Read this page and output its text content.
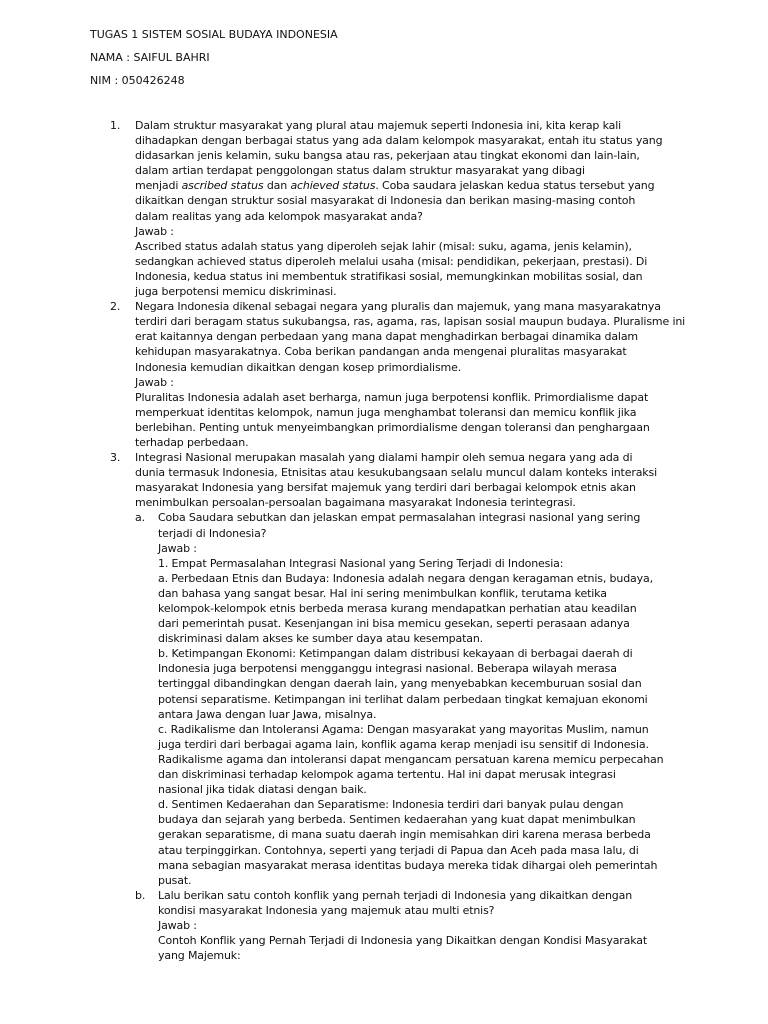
TUGAS 1 SISTEM SOSIAL BUDAYA INDONESIA
NAMA : SAIFUL BAHRI
NIM : 050426248
1. Dalam struktur masyarakat yang plural atau majemuk seperti Indonesia ini, kita kerap kali
dihadapkan dengan berbagai status yang ada dalam kelompok masyarakat, entah itu status yang
didasarkan jenis kelamin, suku bangsa atau ras, pekerjaan atau tingkat ekonomi dan lain-lain,
dalam artian terdapat penggolongan status dalam struktur masyarakat yang dibagi
menjadi ascribed status dan achieved status. Coba saudara jelaskan kedua status tersebut yang
dikaitkan dengan struktur sosial masyarakat di Indonesia dan berikan masing-masing contoh
dalam realitas yang ada kelompok masyarakat anda?
Jawab :
Ascribed status adalah status yang diperoleh sejak lahir (misal: suku, agama, jenis kelamin),
sedangkan achieved status diperoleh melalui usaha (misal: pendidikan, pekerjaan, prestasi). Di
Indonesia, kedua status ini membentuk stratifikasi sosial, memungkinkan mobilitas sosial, dan
juga berpotensi memicu diskriminasi.
2. Negara Indonesia dikenal sebagai negara yang pluralis dan majemuk, yang mana masyarakatnya
terdiri dari beragam status sukubangsa, ras, agama, ras, lapisan sosial maupun budaya. Pluralisme ini
erat kaitannya dengan perbedaan yang mana dapat menghadirkan berbagai dinamika dalam
kehidupan masyarakatnya. Coba berikan pandangan anda mengenai pluralitas masyarakat
Indonesia kemudian dikaitkan dengan kosep primordialisme.
Jawab :
Pluralitas Indonesia adalah aset berharga, namun juga berpotensi konflik. Primordialisme dapat
memperkuat identitas kelompok, namun juga menghambat toleransi dan memicu konflik jika
berlebihan. Penting untuk menyeimbangkan primordialisme dengan toleransi dan penghargaan
terhadap perbedaan.
3. Integrasi Nasional merupakan masalah yang dialami hampir oleh semua negara yang ada di
dunia termasuk Indonesia, Etnisitas atau kesukubangsaan selalu muncul dalam konteks interaksi
masyarakat Indonesia yang bersifat majemuk yang terdiri dari berbagai kelompok etnis akan
menimbulkan persoalan-persoalan bagaimana masyarakat Indonesia terintegrasi.
a. Coba Saudara sebutkan dan jelaskan empat permasalahan integrasi nasional yang sering
terjadi di Indonesia?
Jawab :
1. Empat Permasalahan Integrasi Nasional yang Sering Terjadi di Indonesia:
a. Perbedaan Etnis dan Budaya: Indonesia adalah negara dengan keragaman etnis, budaya,
dan bahasa yang sangat besar. Hal ini sering menimbulkan konflik, terutama ketika
kelompok-kelompok etnis berbeda merasa kurang mendapatkan perhatian atau keadilan
dari pemerintah pusat. Kesenjangan ini bisa memicu gesekan, seperti perasaan adanya
diskriminasi dalam akses ke sumber daya atau kesempatan.
b. Ketimpangan Ekonomi: Ketimpangan dalam distribusi kekayaan di berbagai daerah di
Indonesia juga berpotensi mengganggu integrasi nasional. Beberapa wilayah merasa
tertinggal dibandingkan dengan daerah lain, yang menyebabkan kecemburuan sosial dan
potensi separatisme. Ketimpangan ini terlihat dalam perbedaan tingkat kemajuan ekonomi
antara Jawa dengan luar Jawa, misalnya.
c. Radikalisme dan Intoleransi Agama: Dengan masyarakat yang mayoritas Muslim, namun
juga terdiri dari berbagai agama lain, konflik agama kerap menjadi isu sensitif di Indonesia.
Radikalisme agama dan intoleransi dapat mengancam persatuan karena memicu perpecahan
dan diskriminasi terhadap kelompok agama tertentu. Hal ini dapat merusak integrasi
nasional jika tidak diatasi dengan baik.
d. Sentimen Kedaerahan dan Separatisme: Indonesia terdiri dari banyak pulau dengan
budaya dan sejarah yang berbeda. Sentimen kedaerahan yang kuat dapat menimbulkan
gerakan separatisme, di mana suatu daerah ingin memisahkan diri karena merasa berbeda
atau terpinggirkan. Contohnya, seperti yang terjadi di Papua dan Aceh pada masa lalu, di
mana sebagian masyarakat merasa identitas budaya mereka tidak dihargai oleh pemerintah
pusat.
b. Lalu berikan satu contoh konflik yang pernah terjadi di Indonesia yang dikaitkan dengan
kondisi masyarakat Indonesia yang majemuk atau multi etnis?
Jawab :
Contoh Konflik yang Pernah Terjadi di Indonesia yang Dikaitkan dengan Kondisi Masyarakat
yang Majemuk:
